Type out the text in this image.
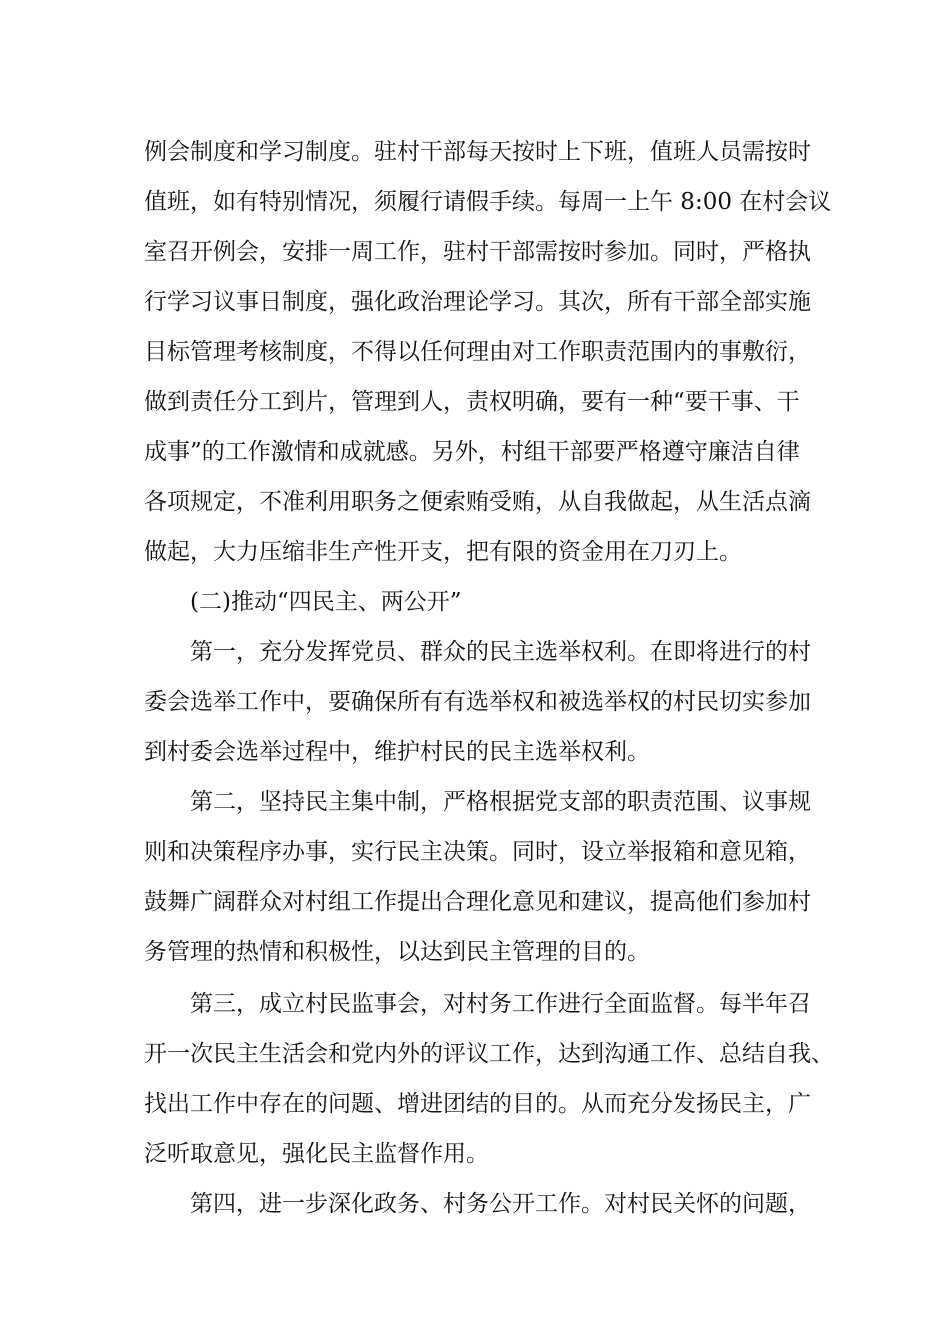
例会制度和学习制度。驻村干部每天按时上下班，值班人员需按时
值班，如有特别情况，须履行请假手续。每周一上午 8:00 在村会议
室召开例会，安排一周工作，驻村干部需按时参加。同时，严格执
行学习议事日制度，强化政治理论学习。其次，所有干部全部实施
目标管理考核制度，不得以任何理由对工作职责范围内的事敷衍，
做到责任分工到片，管理到人，责权明确，要有一种“要干事、干
成事”的工作激情和成就感。另外，村组干部要严格遵守廉洁自律
各项规定，不准利用职务之便索贿受贿，从自我做起，从生活点滴
做起，大力压缩非生产性开支，把有限的资金用在刀刃上。
(二)推动“四民主、两公开”
第一，充分发挥党员、群众的民主选举权利。在即将进行的村
委会选举工作中，要确保所有有选举权和被选举权的村民切实参加
到村委会选举过程中，维护村民的民主选举权利。
第二，坚持民主集中制，严格根据党支部的职责范围、议事规
则和决策程序办事，实行民主决策。同时，设立举报箱和意见箱，
鼓舞广阔群众对村组工作提出合理化意见和建议，提高他们参加村
务管理的热情和积极性，以达到民主管理的目的。
第三，成立村民监事会，对村务工作进行全面监督。每半年召
开一次民主生活会和党内外的评议工作，达到沟通工作、总结自我、
找出工作中存在的问题、增进团结的目的。从而充分发扬民主，广
泛听取意见，强化民主监督作用。
第四，进一步深化政务、村务公开工作。对村民关怀的问题，
